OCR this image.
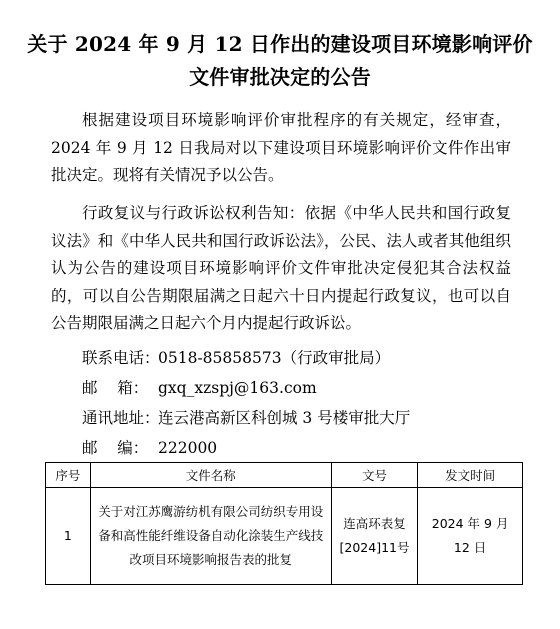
关于 2024 年 9 月 12 日作出的建设项目环境影响评价
文件审批决定的公告
根据建设项目环境影响评价审批程序的有关规定，经审查，2024 年 9 月 12 日我局对以下建设项目环境影响评价文件作出审批决定。现将有关情况予以公告。
行政复议与行政诉讼权利告知：依据《中华人民共和国行政复议法》和《中华人民共和国行政诉讼法》，公民、法人或者其他组织认为公告的建设项目环境影响评价文件审批决定侵犯其合法权益的，可以自公告期限届满之日起六十日内提起行政复议，也可以自公告期限届满之日起六个月内提起行政诉讼。
联系电话：0518-85858573（行政审批局）
邮    箱： gxq_xzspj@163.com
通讯地址：连云港高新区科创城 3 号楼审批大厅
邮    编： 222000
序号	文件名称	文号	发文时间
1	关于对江苏鹰游纺机有限公司纺织专用设备和高性能纤维设备自动化涂装生产线技改项目环境影响报告表的批复	连高环表复[2024]11号	2024 年 9 月 12 日
